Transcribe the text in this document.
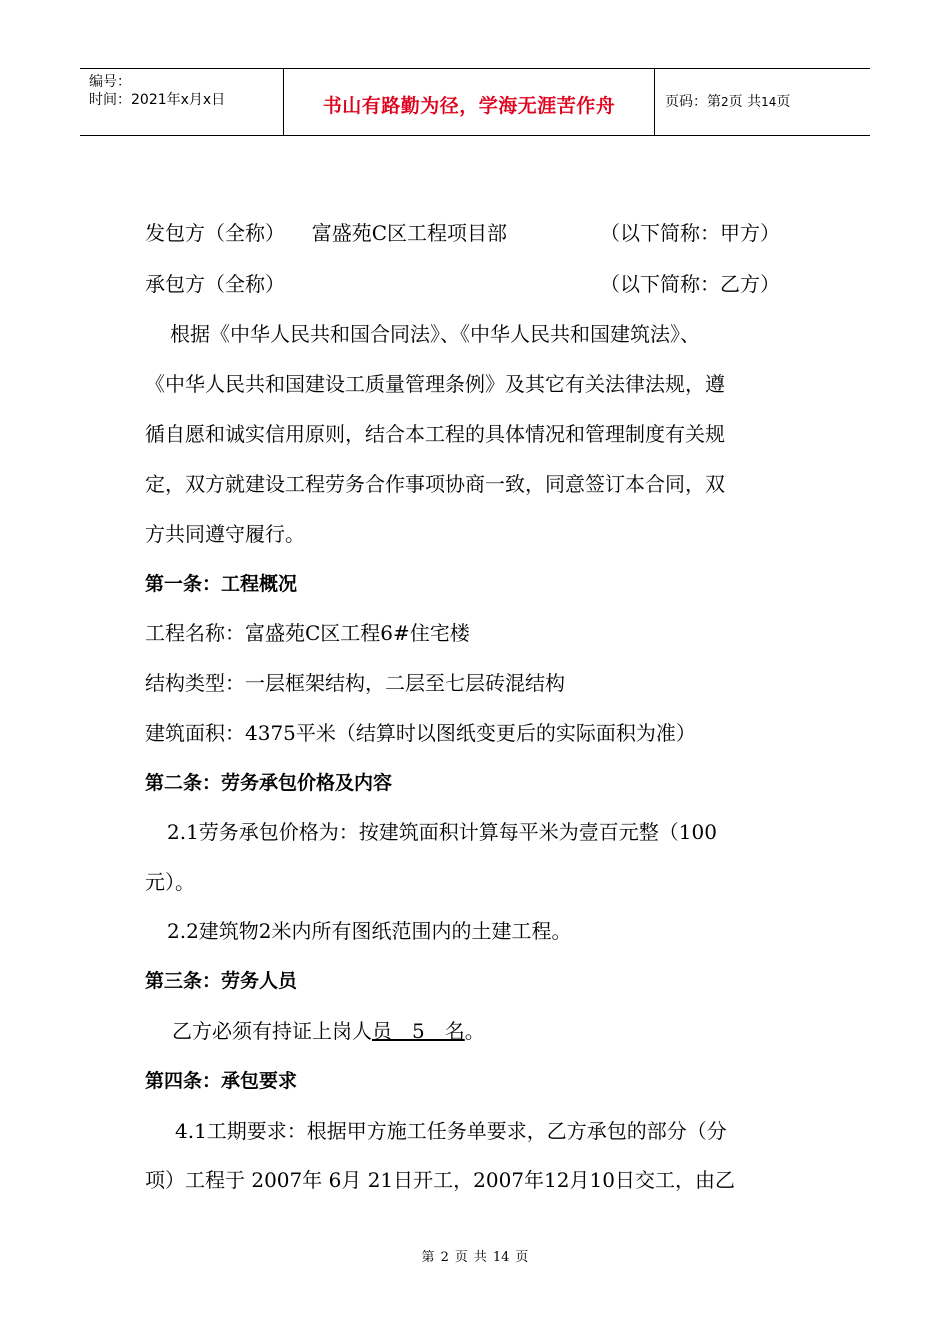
编号：
时间：2021年x月x日	书山有路勤为径，学海无涯苦作舟	页码：第2页 共14页
发包方（全称） 富盛苑C区工程项目部	（以下简称：甲方）
承包方（全称）	（以下简称：乙方）
根据《中华人民共和国合同法》、《中华人民共和国建筑法》、
《中华人民共和国建设工质量管理条例》及其它有关法律法规，遵
循自愿和诚实信用原则，结合本工程的具体情况和管理制度有关规
定，双方就建设工程劳务合作事项协商一致，同意签订本合同，双
方共同遵守履行。
第一条：工程概况
工程名称：富盛苑C区工程6#住宅楼
结构类型：一层框架结构，二层至七层砖混结构
建筑面积：4375平米（结算时以图纸变更后的实际面积为准）
第二条：劳务承包价格及内容
2.1劳务承包价格为：按建筑面积计算每平米为壹百元整（100
元）。
2.2建筑物2米内所有图纸范围内的土建工程。
第三条：劳务人员
乙方必须有持证上岗人员　5　名。
第四条：承包要求
4.1工期要求：根据甲方施工任务单要求，乙方承包的部分（分
项）工程于 2007年 6月 21日开工，2007年12月10日交工，由乙
第 2 页 共 14 页
